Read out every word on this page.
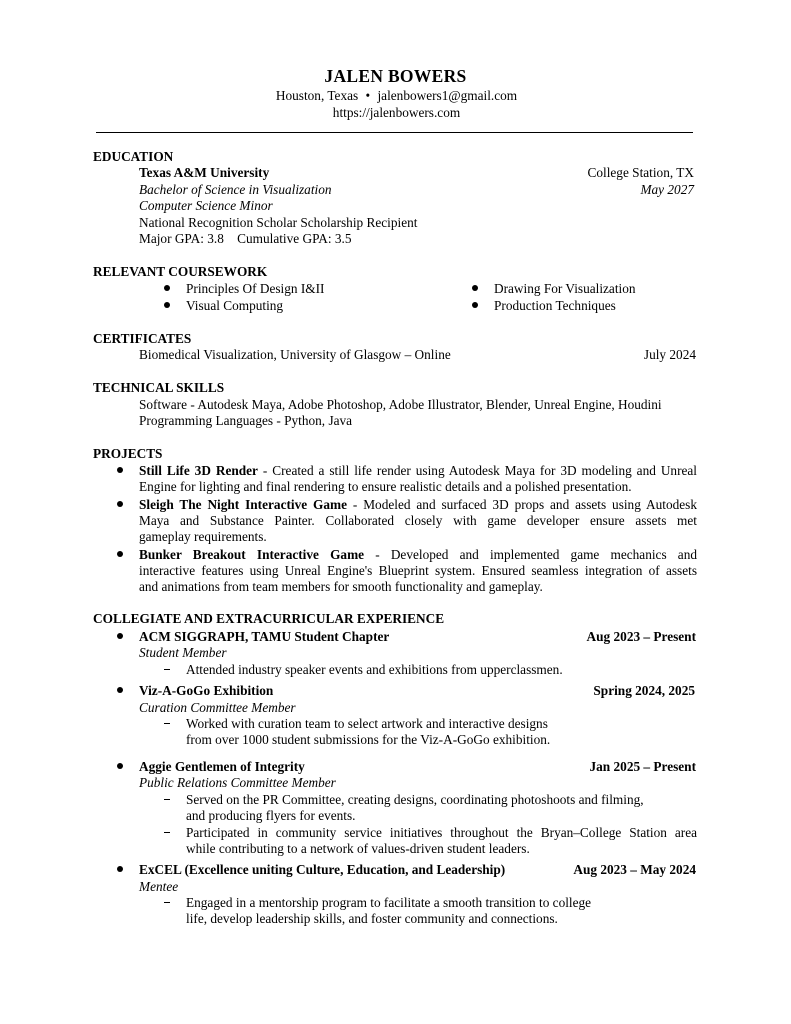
JALEN BOWERS
Houston, Texas • jalenbowers1@gmail.com
https://jalenbowers.com
EDUCATION
Texas A&M University	College Station, TX
Bachelor of Science in Visualization	May 2027
Computer Science Minor
National Recognition Scholar Scholarship Recipient
Major GPA: 3.8    Cumulative GPA: 3.5
RELEVANT COURSEWORK
Principles Of Design I&II
Visual Computing
Drawing For Visualization
Production Techniques
CERTIFICATES
Biomedical Visualization, University of Glasgow – Online	July 2024
TECHNICAL SKILLS
Software - Autodesk Maya, Adobe Photoshop, Adobe Illustrator, Blender, Unreal Engine, Houdini
Programming Languages - Python, Java
PROJECTS
Still Life 3D Render - Created a still life render using Autodesk Maya for 3D modeling and Unreal
Engine for lighting and final rendering to ensure realistic details and a polished presentation.
Sleigh The Night Interactive Game - Modeled and surfaced 3D props and assets using Autodesk
Maya and Substance Painter. Collaborated closely with game developer ensure assets met
gameplay requirements.
Bunker Breakout Interactive Game - Developed and implemented game mechanics and
interactive features using Unreal Engine's Blueprint system. Ensured seamless integration of assets
and animations from team members for smooth functionality and gameplay.
COLLEGIATE AND EXTRACURRICULAR EXPERIENCE
ACM SIGGRAPH, TAMU Student Chapter	Aug 2023 – Present
Student Member
Attended industry speaker events and exhibitions from upperclassmen.
Viz-A-GoGo Exhibition	Spring 2024, 2025
Curation Committee Member
Worked with curation team to select artwork and interactive designs
from over 1000 student submissions for the Viz-A-GoGo exhibition.
Aggie Gentlemen of Integrity	Jan 2025 – Present
Public Relations Committee Member
Served on the PR Committee, creating designs, coordinating photoshoots and filming,
and producing flyers for events.
Participated in community service initiatives throughout the Bryan–College Station area
while contributing to a network of values-driven student leaders.
ExCEL (Excellence uniting Culture, Education, and Leadership)	Aug 2023 – May 2024
Mentee
Engaged in a mentorship program to facilitate a smooth transition to college
life, develop leadership skills, and foster community and connections.
